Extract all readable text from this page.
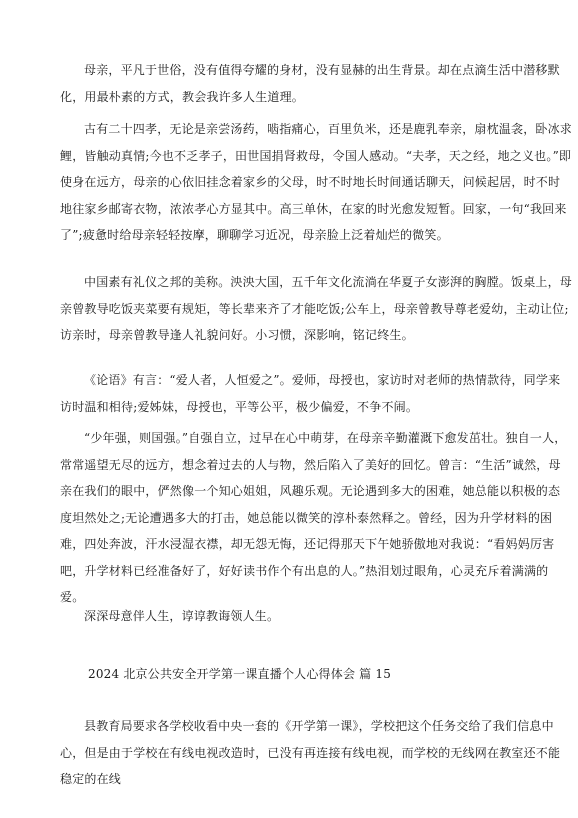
母亲，平凡于世俗，没有值得夸耀的身材，没有显赫的出生背景。却在点滴生活中潜移默化，用最朴素的方式，教会我许多人生道理。

古有二十四孝，无论是亲尝汤药，啮指痛心，百里负米，还是鹿乳奉亲，扇枕温衾，卧冰求鲤，皆触动真情;今也不乏孝子，田世国捐肾救母，令国人感动。“夫孝，天之经，地之义也。”即使身在远方，母亲的心依旧挂念着家乡的父母，时不时地长时间通话聊天，问候起居，时不时地往家乡邮寄衣物，浓浓孝心方显其中。高三单休，在家的时光愈发短暂。回家，一句“我回来了”;疲惫时给母亲轻轻按摩，聊聊学习近况，母亲脸上泛着灿烂的微笑。

中国素有礼仪之邦的美称。泱泱大国，五千年文化流淌在华夏子女澎湃的胸膛。饭桌上，母亲曾教导吃饭夹菜要有规矩，等长辈来齐了才能吃饭;公车上，母亲曾教导尊老爱幼，主动让位;访亲时，母亲曾教导逢人礼貌问好。小习惯，深影响，铭记终生。

《论语》有言：“爱人者，人恒爱之”。爱师，母授也，家访时对老师的热情款待，同学来访时温和相待;爱姊妹，母授也，平等公平，极少偏爱，不争不闹。

“少年强，则国强。”自强自立，过早在心中萌芽，在母亲辛勤灌溉下愈发茁壮。独自一人，常常遥望无尽的远方，想念着过去的人与物，然后陷入了美好的回忆。曾言：“生活”诚然，母亲在我们的眼中，俨然像一个知心姐姐，风趣乐观。无论遇到多大的困难，她总能以积极的态度坦然处之;无论遭遇多大的打击，她总能以微笑的淳朴泰然释之。曾经，因为升学材料的困难，四处奔波，汗水浸湿衣襟，却无怨无悔，还记得那天下午她骄傲地对我说：“看妈妈厉害吧，升学材料已经准备好了，好好读书作个有出息的人。”热泪划过眼角，心灵充斥着满满的爱。

深深母意伴人生，谆谆教诲领人生。

2024 北京公共安全开学第一课直播个人心得体会 篇 15

县教育局要求各学校收看中央一套的《开学第一课》，学校把这个任务交给了我们信息中心，但是由于学校在有线电视改造时，已没有再连接有线电视，而学校的无线网在教室还不能稳定的在线
